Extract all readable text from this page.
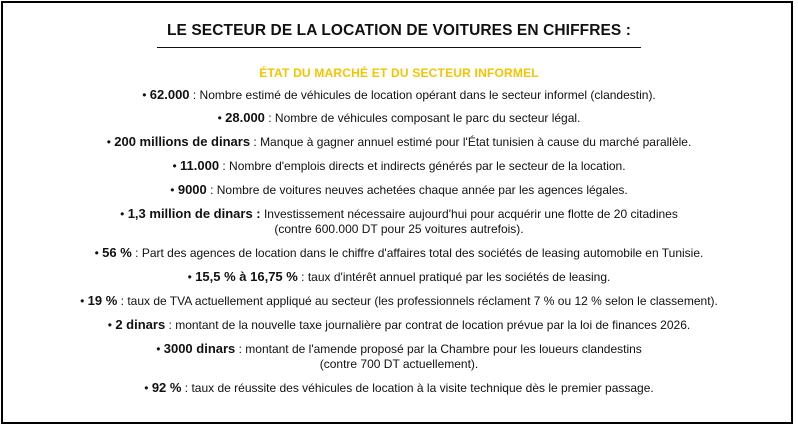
LE SECTEUR DE LA LOCATION DE VOITURES EN CHIFFRES :
ÉTAT DU MARCHÉ ET DU SECTEUR INFORMEL
• 62.000 : Nombre estimé de véhicules de location opérant dans le secteur informel (clandestin).
• 28.000 : Nombre de véhicules composant le parc du secteur légal.
• 200 millions de dinars : Manque à gagner annuel estimé pour l'État tunisien à cause du marché parallèle.
• 11.000 : Nombre d'emplois directs et indirects générés par le secteur de la location.
• 9000 : Nombre de voitures neuves achetées chaque année par les agences légales.
• 1,3 million de dinars : Investissement nécessaire aujourd'hui pour acquérir une flotte de 20 citadines
(contre 600.000 DT pour 25 voitures autrefois).
• 56 % : Part des agences de location dans le chiffre d'affaires total des sociétés de leasing automobile en Tunisie.
• 15,5 % à 16,75 % : taux d'intérêt annuel pratiqué par les sociétés de leasing.
• 19 % : taux de TVA actuellement appliqué au secteur (les professionnels réclament 7 % ou 12 % selon le classement).
• 2 dinars : montant de la nouvelle taxe journalière par contrat de location prévue par la loi de finances 2026.
• 3000 dinars : montant de l'amende proposé par la Chambre pour les loueurs clandestins
(contre 700 DT actuellement).
• 92 % : taux de réussite des véhicules de location à la visite technique dès le premier passage.
